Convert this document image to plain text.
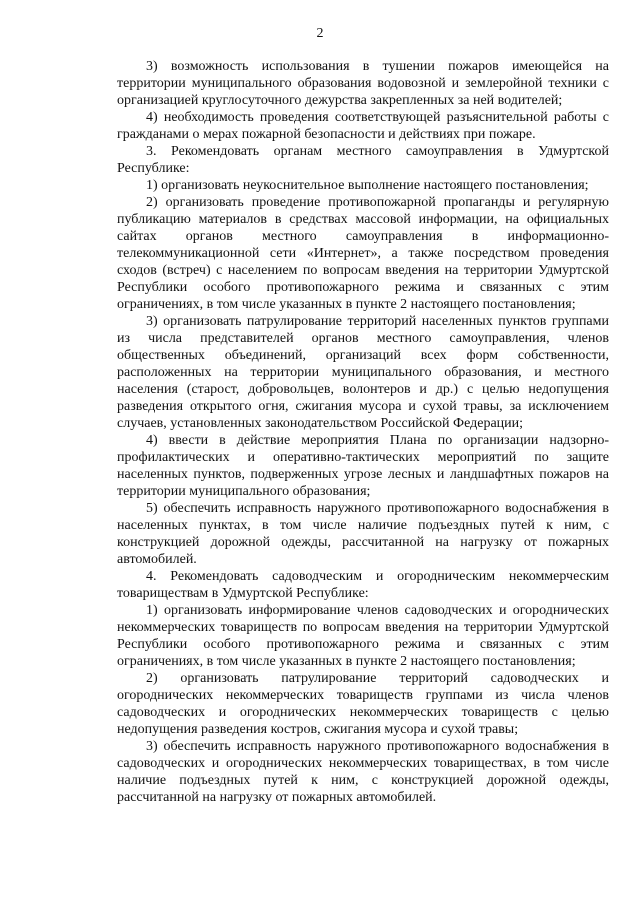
2

3) возможность использования в тушении пожаров имеющейся на территории муниципального образования водовозной и землеройной техники с организацией круглосуточного дежурства закрепленных за ней водителей;

4) необходимость проведения соответствующей разъяснительной работы с гражданами о мерах пожарной безопасности и действиях при пожаре.

3. Рекомендовать органам местного самоуправления в Удмуртской Республике:

1) организовать неукоснительное выполнение настоящего постановления;

2) организовать проведение противопожарной пропаганды и регулярную публикацию материалов в средствах массовой информации, на официальных сайтах органов местного самоуправления в информационно-телекоммуникационной сети «Интернет», а также посредством проведения сходов (встреч) с населением по вопросам введения на территории Удмуртской Республики особого противопожарного режима и связанных с этим ограничениях, в том числе указанных в пункте 2 настоящего постановления;

3) организовать патрулирование территорий населенных пунктов группами из числа представителей органов местного самоуправления, членов общественных объединений, организаций всех форм собственности, расположенных на территории муниципального образования, и местного населения (старост, добровольцев, волонтеров и др.) с целью недопущения разведения открытого огня, сжигания мусора и сухой травы, за исключением случаев, установленных законодательством Российской Федерации;

4) ввести в действие мероприятия Плана по организации надзорно-профилактических и оперативно-тактических мероприятий по защите населенных пунктов, подверженных угрозе лесных и ландшафтных пожаров на территории муниципального образования;

5) обеспечить исправность наружного противопожарного водоснабжения в населенных пунктах, в том числе наличие подъездных путей к ним, с конструкцией дорожной одежды, рассчитанной на нагрузку от пожарных автомобилей.

4. Рекомендовать садоводческим и огородническим некоммерческим товариществам в Удмуртской Республике:

1) организовать информирование членов садоводческих и огороднических некоммерческих товариществ по вопросам введения на территории Удмуртской Республики особого противопожарного режима и связанных с этим ограничениях, в том числе указанных в пункте 2 настоящего постановления;

2) организовать патрулирование территорий садоводческих и огороднических некоммерческих товариществ группами из числа членов садоводческих и огороднических некоммерческих товариществ с целью недопущения разведения костров, сжигания мусора и сухой травы;

3) обеспечить исправность наружного противопожарного водоснабжения в садоводческих и огороднических некоммерческих товариществах, в том числе наличие подъездных путей к ним, с конструкцией дорожной одежды, рассчитанной на нагрузку от пожарных автомобилей.
